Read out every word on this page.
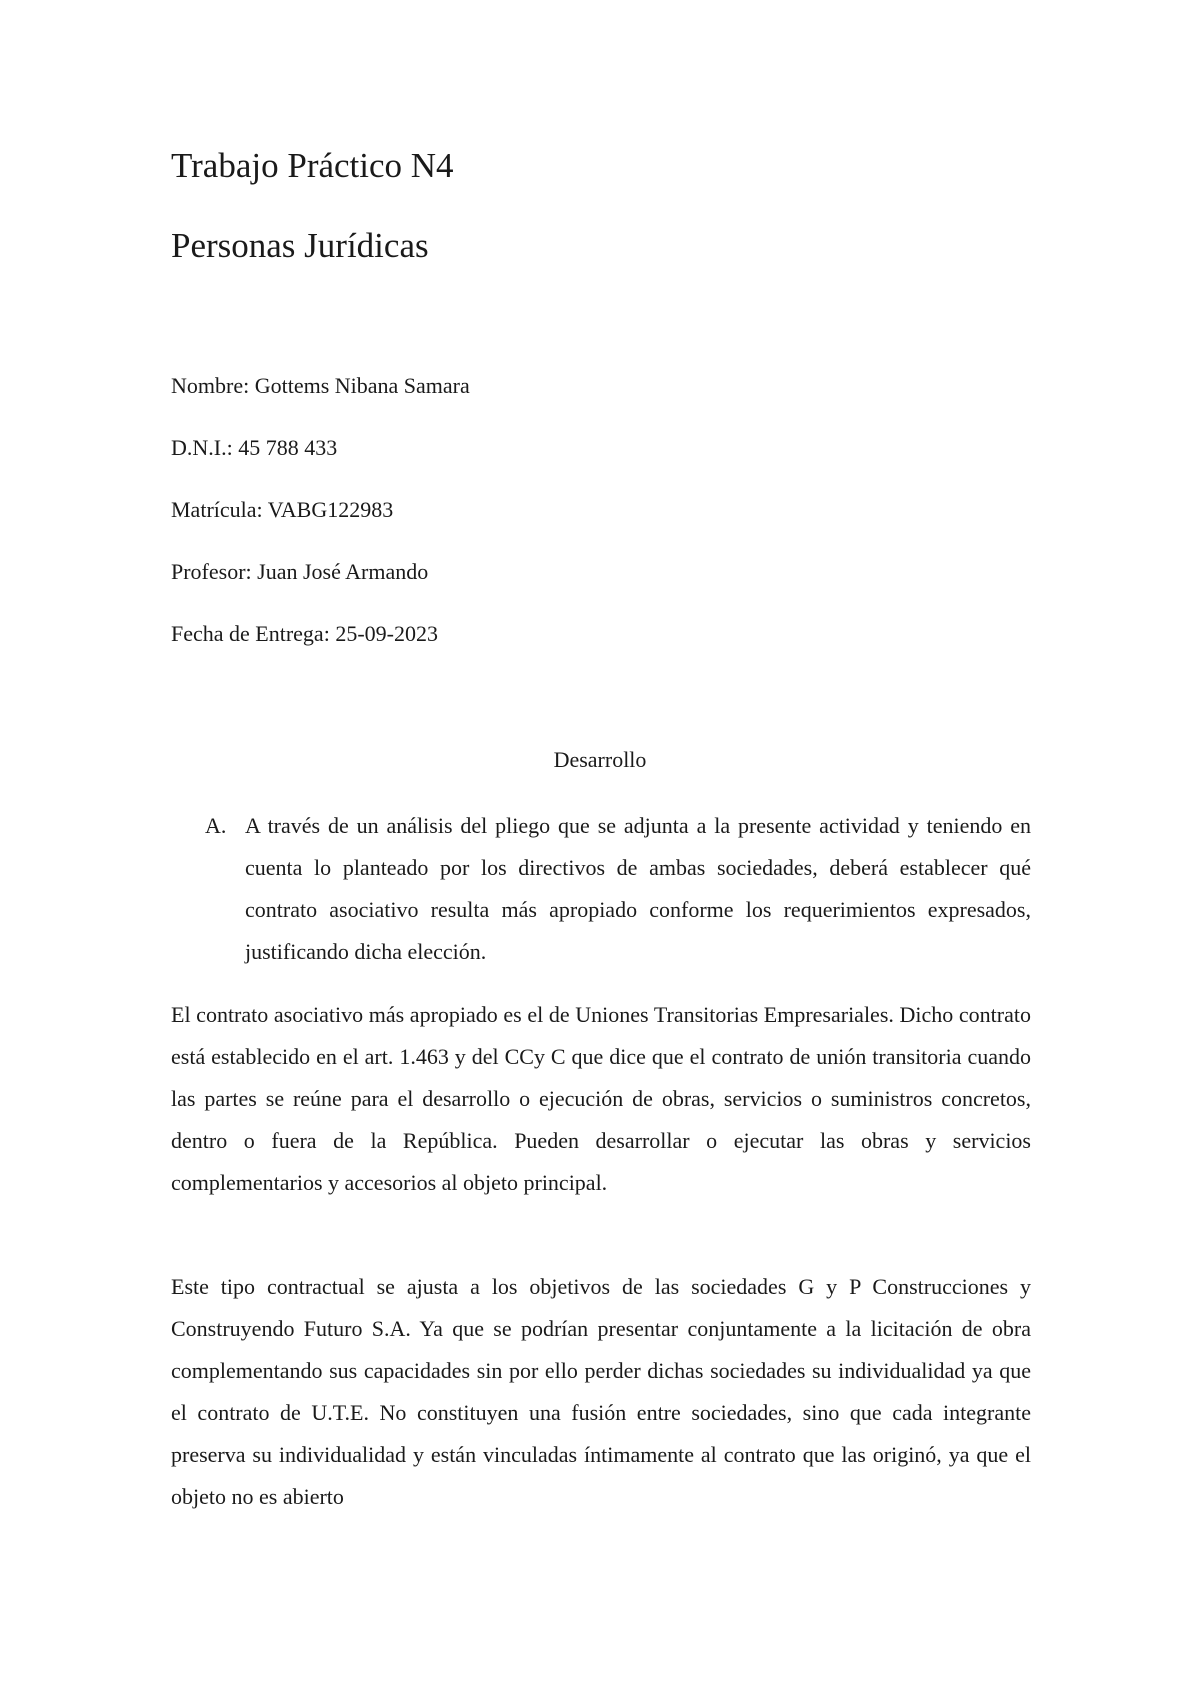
Trabajo Práctico N4
Personas Jurídicas
Nombre: Gottems Nibana Samara
D.N.I.: 45 788 433
Matrícula: VABG122983
Profesor: Juan José Armando
Fecha de Entrega: 25-09-2023
Desarrollo
A. A través de un análisis del pliego que se adjunta a la presente actividad y teniendo en cuenta lo planteado por los directivos de ambas sociedades, deberá establecer qué contrato asociativo resulta más apropiado conforme los requerimientos expresados, justificando dicha elección.
El contrato asociativo más apropiado es el de Uniones Transitorias Empresariales. Dicho contrato está establecido en el art. 1.463 y del CCy C que dice que el contrato de unión transitoria cuando las partes se reúne para el desarrollo o ejecución de obras, servicios o suministros concretos, dentro o fuera de la República. Pueden desarrollar o ejecutar las obras y servicios complementarios y accesorios al objeto principal.
Este tipo contractual se ajusta a los objetivos de las sociedades G y P Construcciones y Construyendo Futuro S.A. Ya que se podrían presentar conjuntamente a la licitación de obra complementando sus capacidades sin por ello perder dichas sociedades su individualidad ya que el contrato de U.T.E. No constituyen una fusión entre sociedades, sino que cada integrante preserva su individualidad y están vinculadas íntimamente al contrato que las originó, ya que el objeto no es abierto
